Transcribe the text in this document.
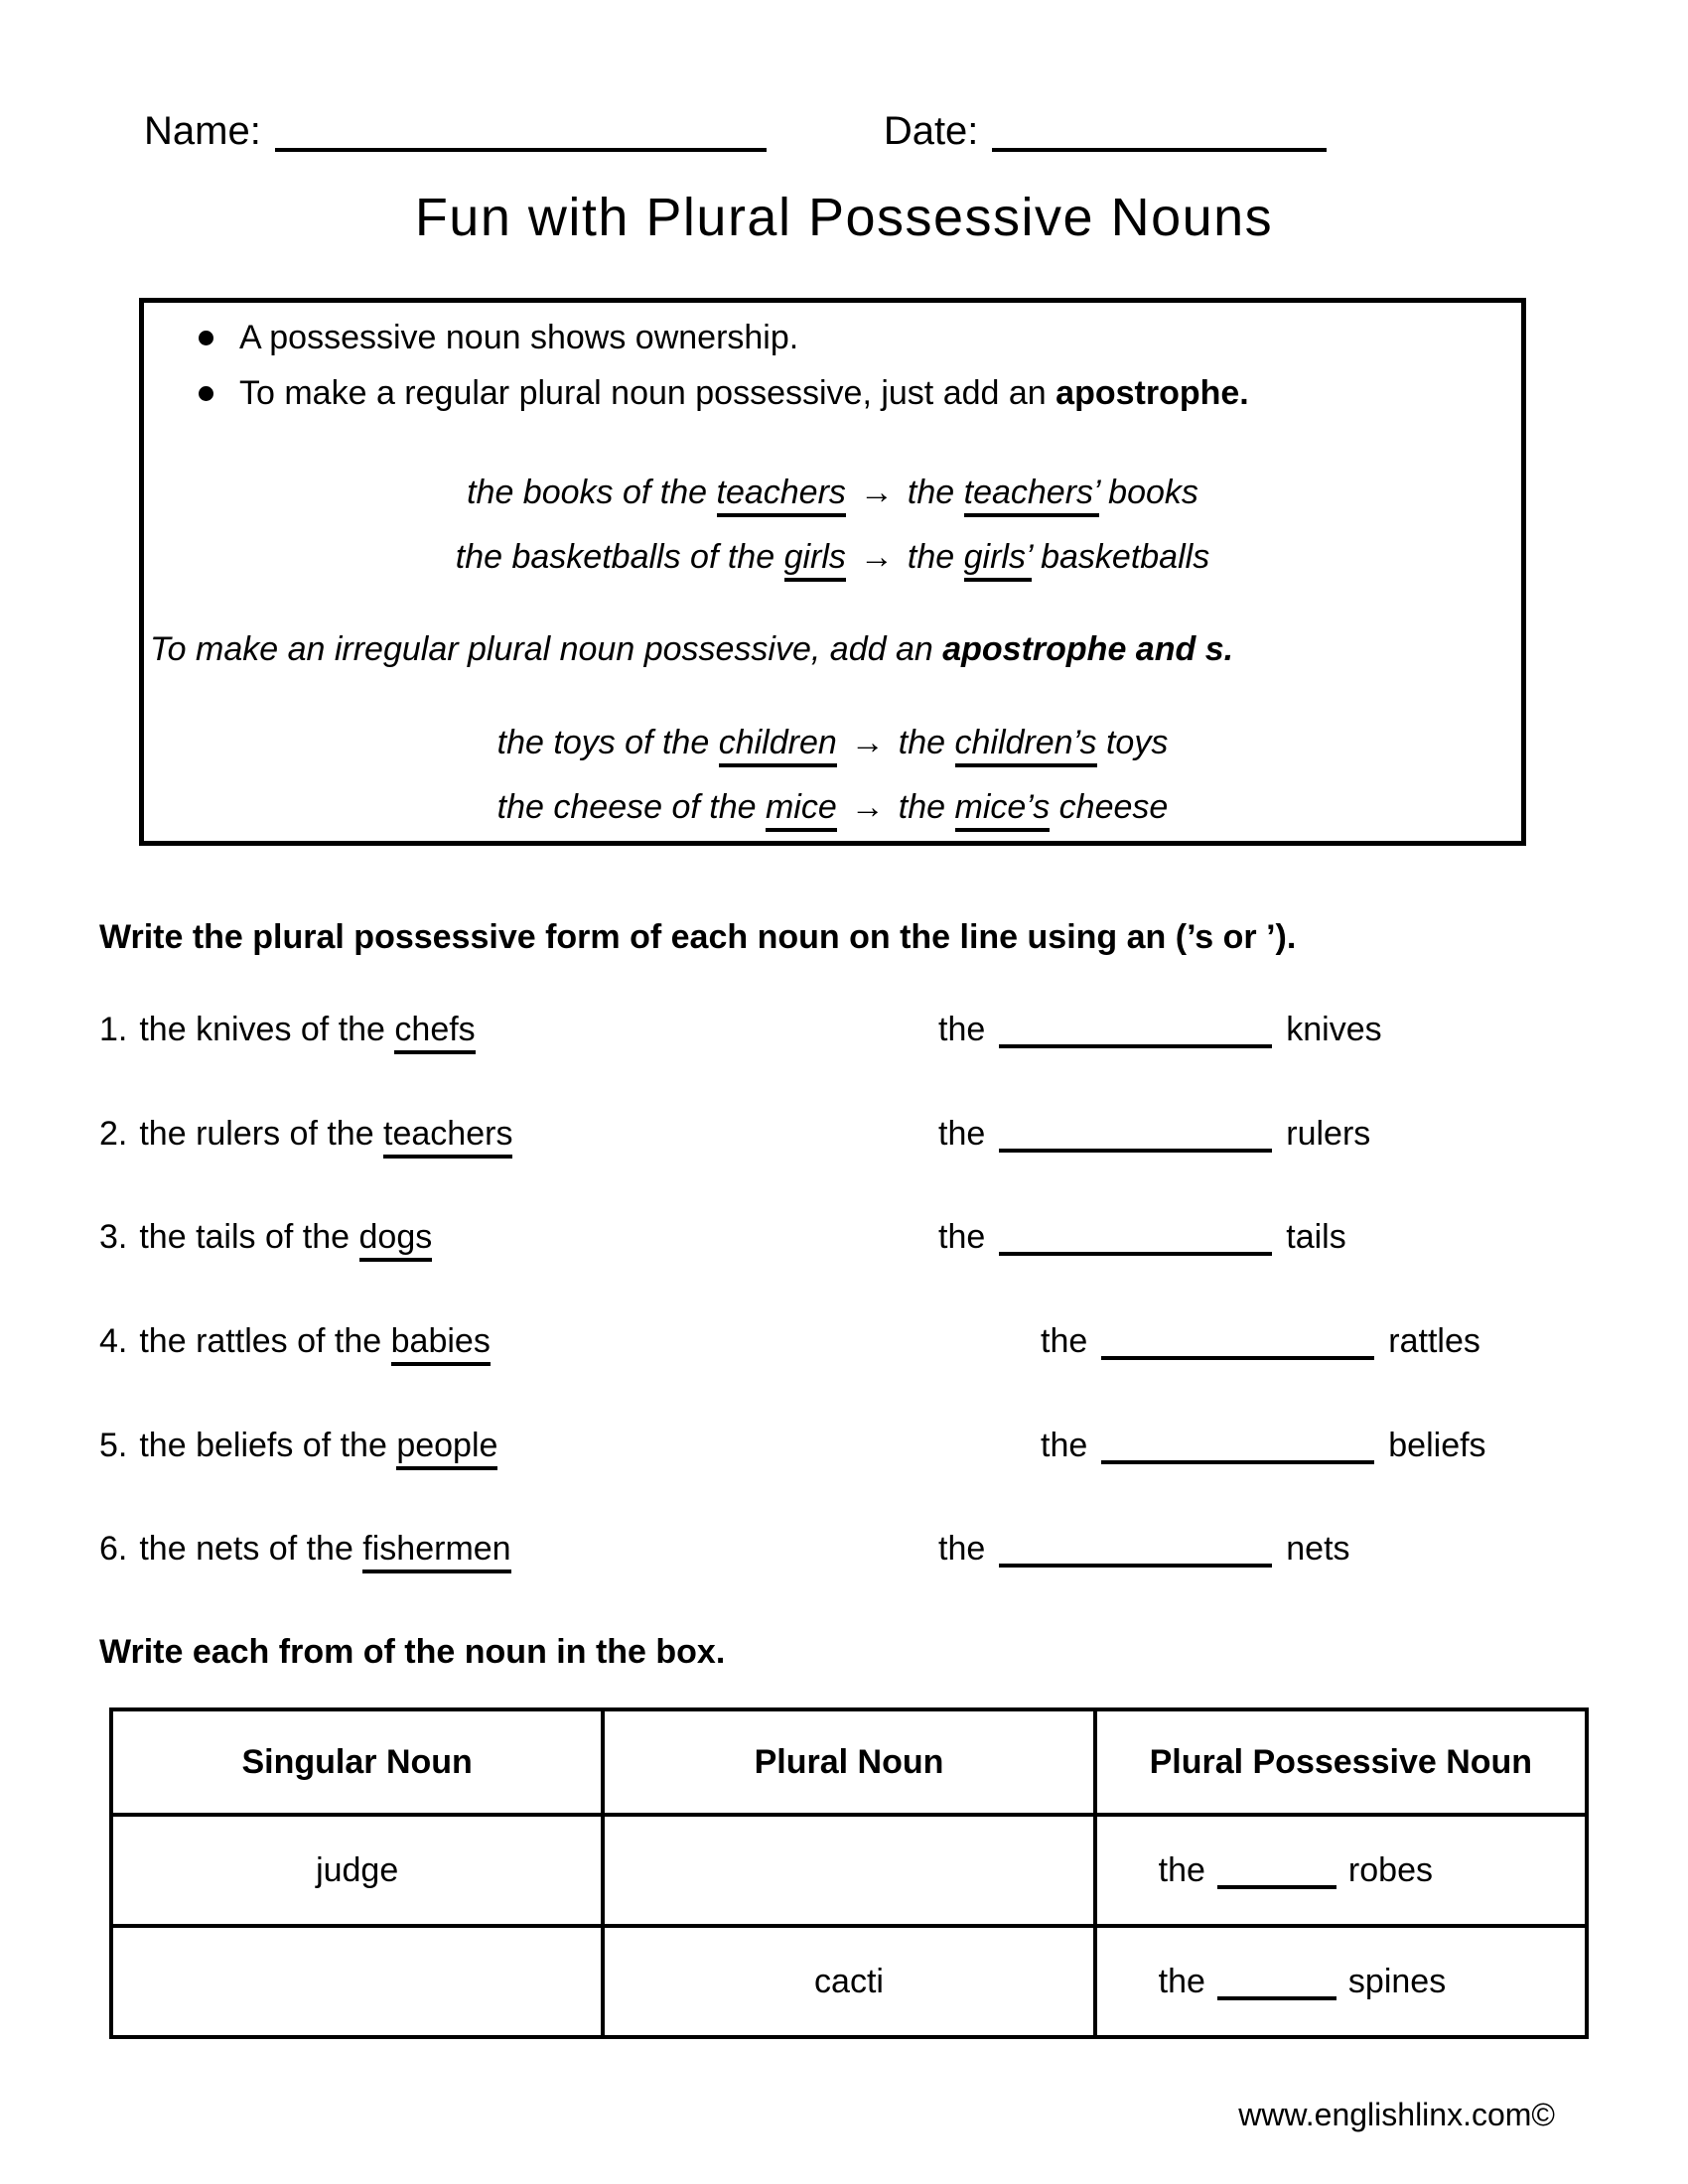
Name:	Date:
Fun with Plural Possessive Nouns
A possessive noun shows ownership.
To make a regular plural noun possessive, just add an apostrophe.
the books of the teachers → the teachers’ books
the basketballs of the girls → the girls’ basketballs
To make an irregular plural noun possessive, add an apostrophe and s.
the toys of the children → the children’s toys
the cheese of the mice → the mice’s cheese
Write the plural possessive form of each noun on the line using an (’s or ’).
1. the knives of the chefs	the	knives
2. the rulers of the teachers	the	rulers
3. the tails of the dogs	the	tails
4. the rattles of the babies	the	rattles
5. the beliefs of the people	the	beliefs
6. the nets of the fishermen	the	nets
Write each from of the noun in the box.
Singular Noun	Plural Noun	Plural Possessive Noun
judge		the robes
	cacti	the spines
www.englishlinx.com©
